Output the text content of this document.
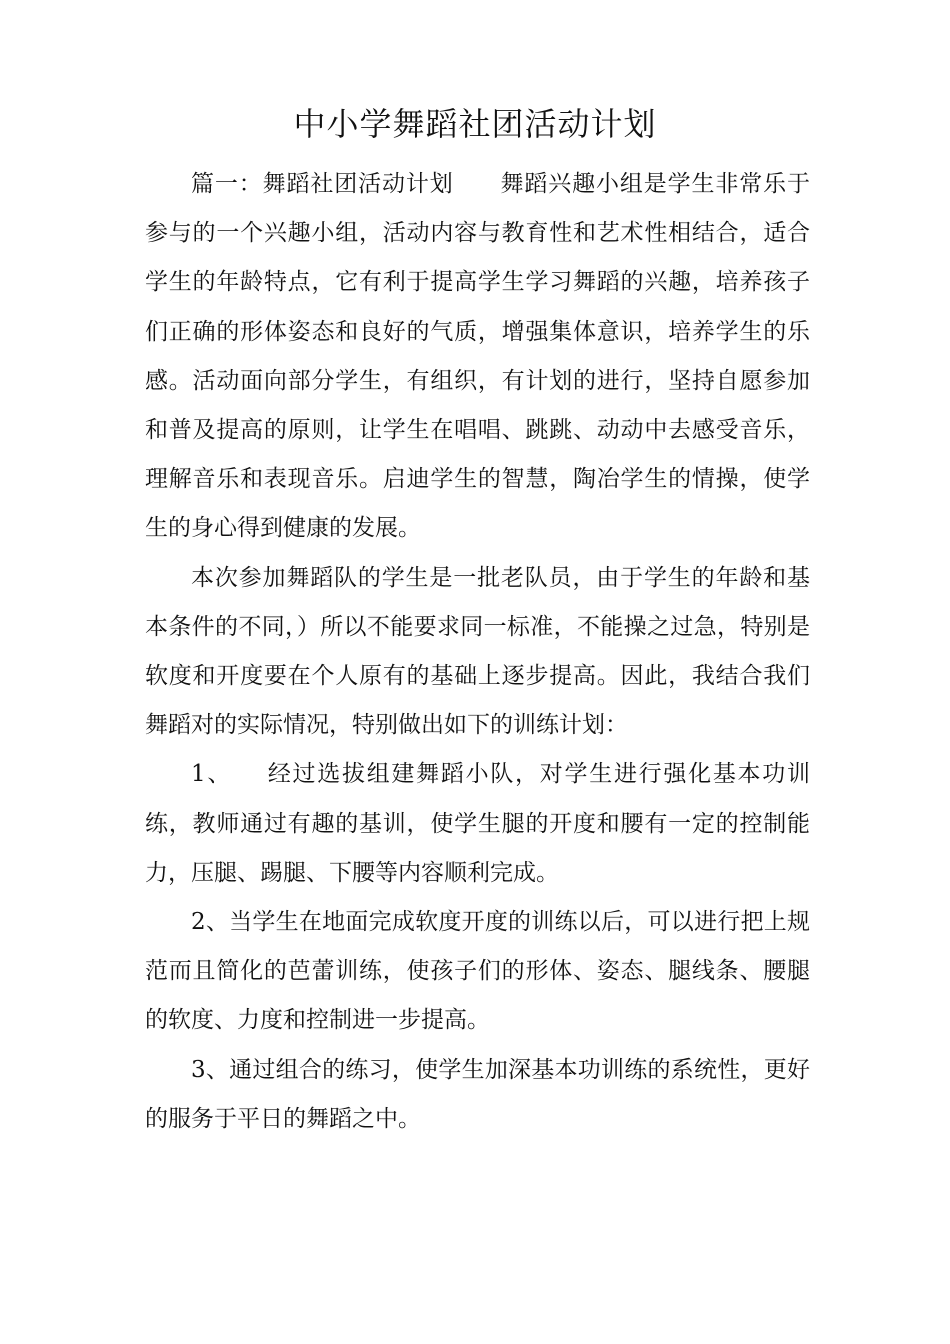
中小学舞蹈社团活动计划

篇一：舞蹈社团活动计划 舞蹈兴趣小组是学生非常乐于参与的一个兴趣小组，活动内容与教育性和艺术性相结合，适合学生的年龄特点，它有利于提高学生学习舞蹈的兴趣，培养孩子们正确的形体姿态和良好的气质，增强集体意识，培养学生的乐感。活动面向部分学生，有组织，有计划的进行，坚持自愿参加和普及提高的原则，让学生在唱唱、跳跳、动动中去感受音乐，理解音乐和表现音乐。启迪学生的智慧，陶冶学生的情操，使学生的身心得到健康的发展。

本次参加舞蹈队的学生是一批老队员，由于学生的年龄和基本条件的不同，）所以不能要求同一标准，不能操之过急，特别是软度和开度要在个人原有的基础上逐步提高。因此，我结合我们舞蹈对的实际情况，特别做出如下的训练计划：

1、 经过选拔组建舞蹈小队，对学生进行强化基本功训练，教师通过有趣的基训，使学生腿的开度和腰有一定的控制能力，压腿、踢腿、下腰等内容顺利完成。

2、当学生在地面完成软度开度的训练以后，可以进行把上规范而且简化的芭蕾训练，使孩子们的形体、姿态、腿线条、腰腿的软度、力度和控制进一步提高。

3、通过组合的练习，使学生加深基本功训练的系统性，更好的服务于平日的舞蹈之中。
